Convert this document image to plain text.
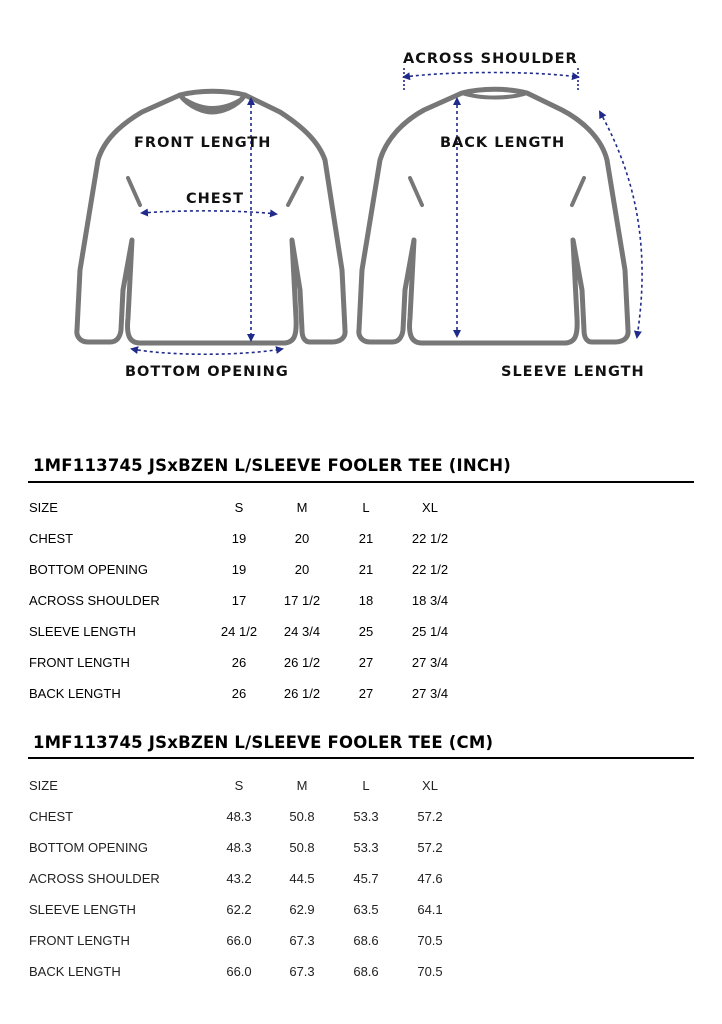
FRONT LENGTH
CHEST
BOTTOM OPENING
ACROSS SHOULDER
BACK LENGTH
SLEEVE LENGTH
1MF113745 JSxBZEN L/SLEEVE FOOLER TEE (INCH)
SIZE	S	M	L	XL
CHEST	19	20	21	22 1/2
BOTTOM OPENING	19	20	21	22 1/2
ACROSS SHOULDER	17	17 1/2	18	18 3/4
SLEEVE LENGTH	24 1/2	24 3/4	25	25 1/4
FRONT LENGTH	26	26 1/2	27	27 3/4
BACK LENGTH	26	26 1/2	27	27 3/4
1MF113745 JSxBZEN L/SLEEVE FOOLER TEE (CM)
SIZE	S	M	L	XL
CHEST	48.3	50.8	53.3	57.2
BOTTOM OPENING	48.3	50.8	53.3	57.2
ACROSS SHOULDER	43.2	44.5	45.7	47.6
SLEEVE LENGTH	62.2	62.9	63.5	64.1
FRONT LENGTH	66.0	67.3	68.6	70.5
BACK LENGTH	66.0	67.3	68.6	70.5
